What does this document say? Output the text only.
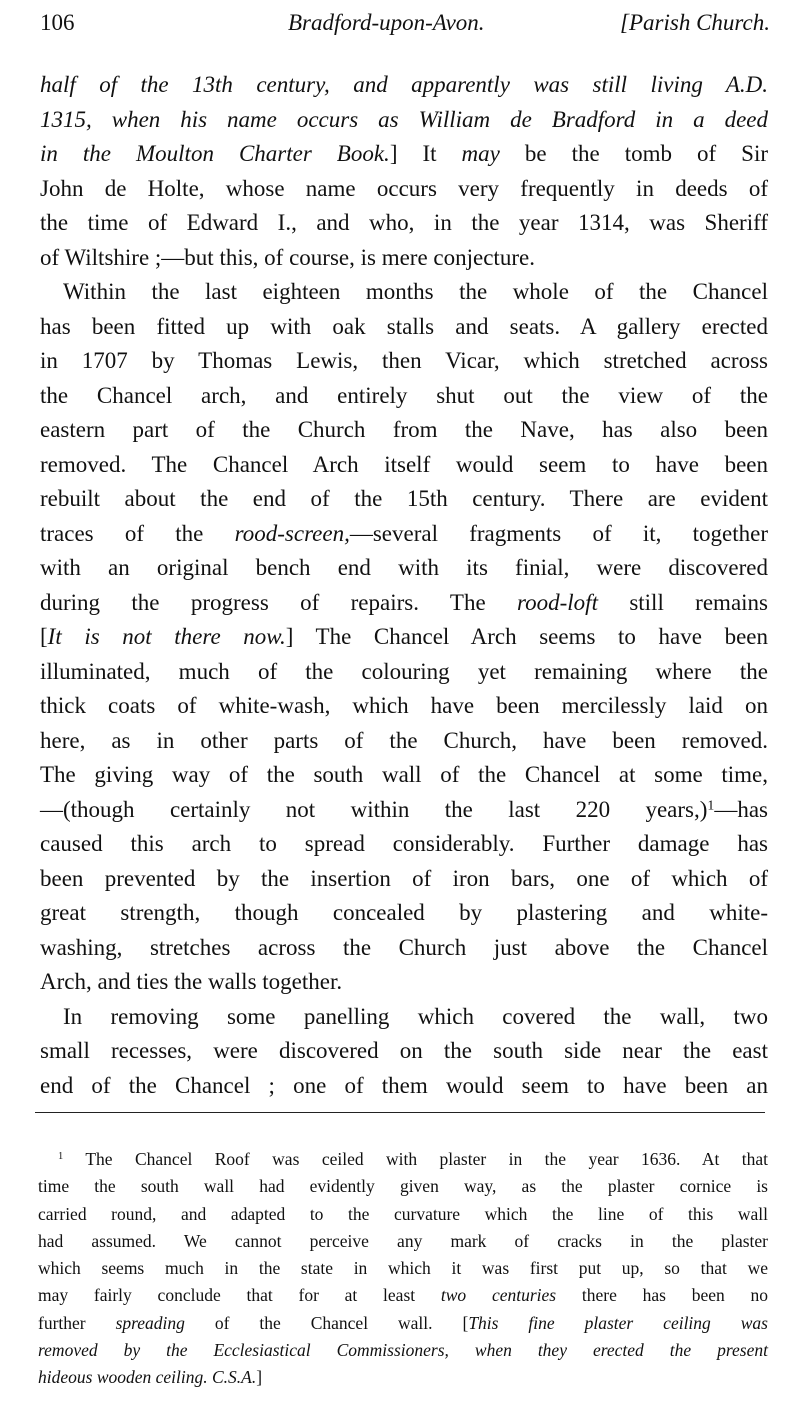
106	Bradford-upon-Avon.	[Parish Church.
half of the 13th century, and apparently was still living A.D.
1315, when his name occurs as William de Bradford in a deed
in the Moulton Charter Book.] It may be the tomb of Sir
John de Holte, whose name occurs very frequently in deeds of
the time of Edward I., and who, in the year 1314, was Sheriff
of Wiltshire ;—but this, of course, is mere conjecture.
Within the last eighteen months the whole of the Chancel
has been fitted up with oak stalls and seats. A gallery erected
in 1707 by Thomas Lewis, then Vicar, which stretched across
the Chancel arch, and entirely shut out the view of the
eastern part of the Church from the Nave, has also been
removed. The Chancel Arch itself would seem to have been
rebuilt about the end of the 15th century. There are evident
traces of the rood-screen,—several fragments of it, together
with an original bench end with its finial, were discovered
during the progress of repairs. The rood-loft still remains
[It is not there now.] The Chancel Arch seems to have been
illuminated, much of the colouring yet remaining where the
thick coats of white-wash, which have been mercilessly laid on
here, as in other parts of the Church, have been removed.
The giving way of the south wall of the Chancel at some time,
—(though certainly not within the last 220 years,)$^1$—has
caused this arch to spread considerably. Further damage has
been prevented by the insertion of iron bars, one of which of
great strength, though concealed by plastering and white-
washing, stretches across the Church just above the Chancel
Arch, and ties the walls together.
In removing some panelling which covered the wall, two
small recesses, were discovered on the south side near the east
end of the Chancel ; one of them would seem to have been an
$^1$ The Chancel Roof was ceiled with plaster in the year 1636. At that
time the south wall had evidently given way, as the plaster cornice is
carried round, and adapted to the curvature which the line of this wall
had assumed. We cannot perceive any mark of cracks in the plaster
which seems much in the state in which it was first put up, so that we
may fairly conclude that for at least two centuries there has been no
further spreading of the Chancel wall. [This fine plaster ceiling was
removed by the Ecclesiastical Commissioners, when they erected the present
hideous wooden ceiling. C.S.A.]
